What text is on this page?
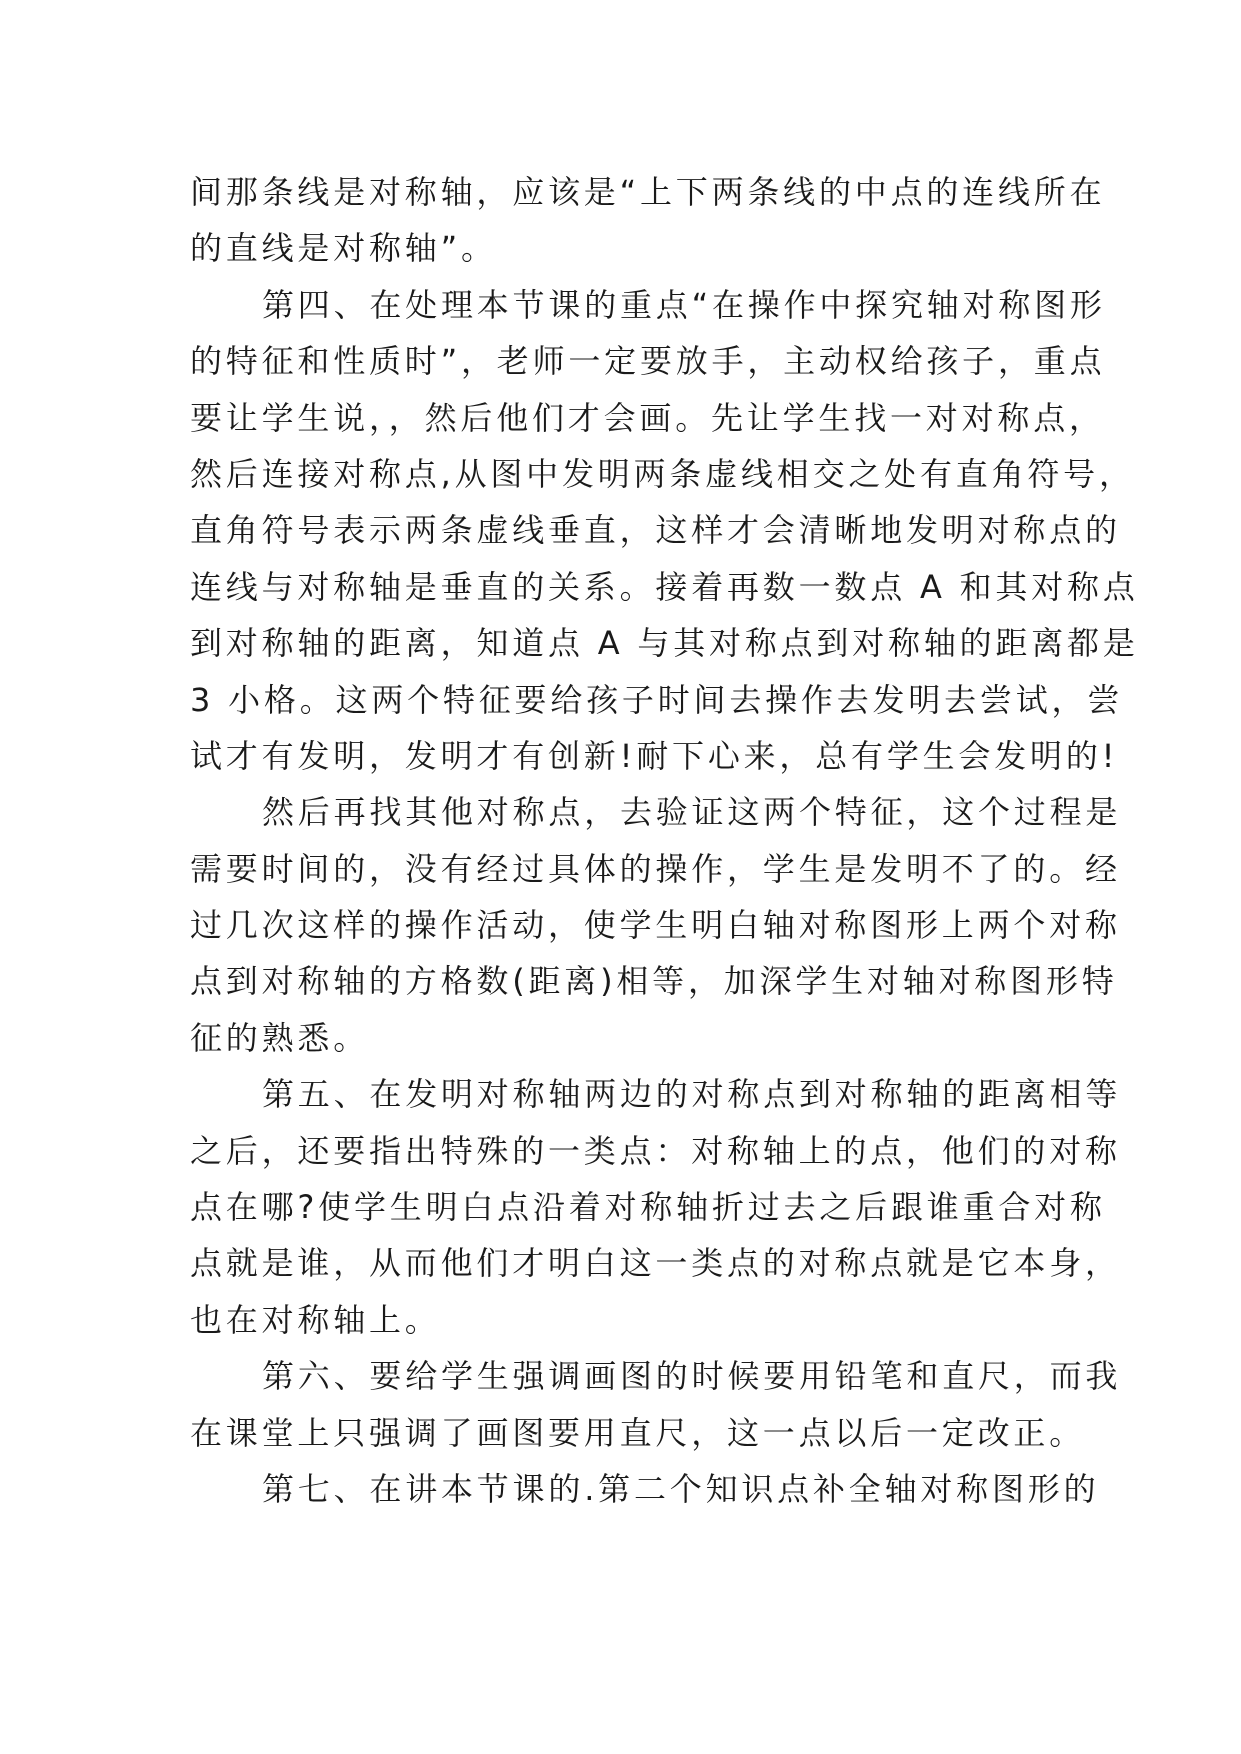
间那条线是对称轴，应该是“上下两条线的中点的连线所在
的直线是对称轴”。
第四、在处理本节课的重点“在操作中探究轴对称图形
的特征和性质时”，老师一定要放手，主动权给孩子，重点
要让学生说，，然后他们才会画。先让学生找一对对称点，
然后连接对称点,从图中发明两条虚线相交之处有直角符号，
直角符号表示两条虚线垂直，这样才会清晰地发明对称点的
连线与对称轴是垂直的关系。接着再数一数点 A 和其对称点
到对称轴的距离，知道点 A 与其对称点到对称轴的距离都是
3 小格。这两个特征要给孩子时间去操作去发明去尝试，尝
试才有发明，发明才有创新!耐下心来，总有学生会发明的!
然后再找其他对称点，去验证这两个特征，这个过程是
需要时间的，没有经过具体的操作，学生是发明不了的。经
过几次这样的操作活动，使学生明白轴对称图形上两个对称
点到对称轴的方格数(距离)相等，加深学生对轴对称图形特
征的熟悉。
第五、在发明对称轴两边的对称点到对称轴的距离相等
之后，还要指出特殊的一类点：对称轴上的点，他们的对称
点在哪?使学生明白点沿着对称轴折过去之后跟谁重合对称
点就是谁，从而他们才明白这一类点的对称点就是它本身，
也在对称轴上。
第六、要给学生强调画图的时候要用铅笔和直尺，而我
在课堂上只强调了画图要用直尺，这一点以后一定改正。
第七、在讲本节课的.第二个知识点补全轴对称图形的
